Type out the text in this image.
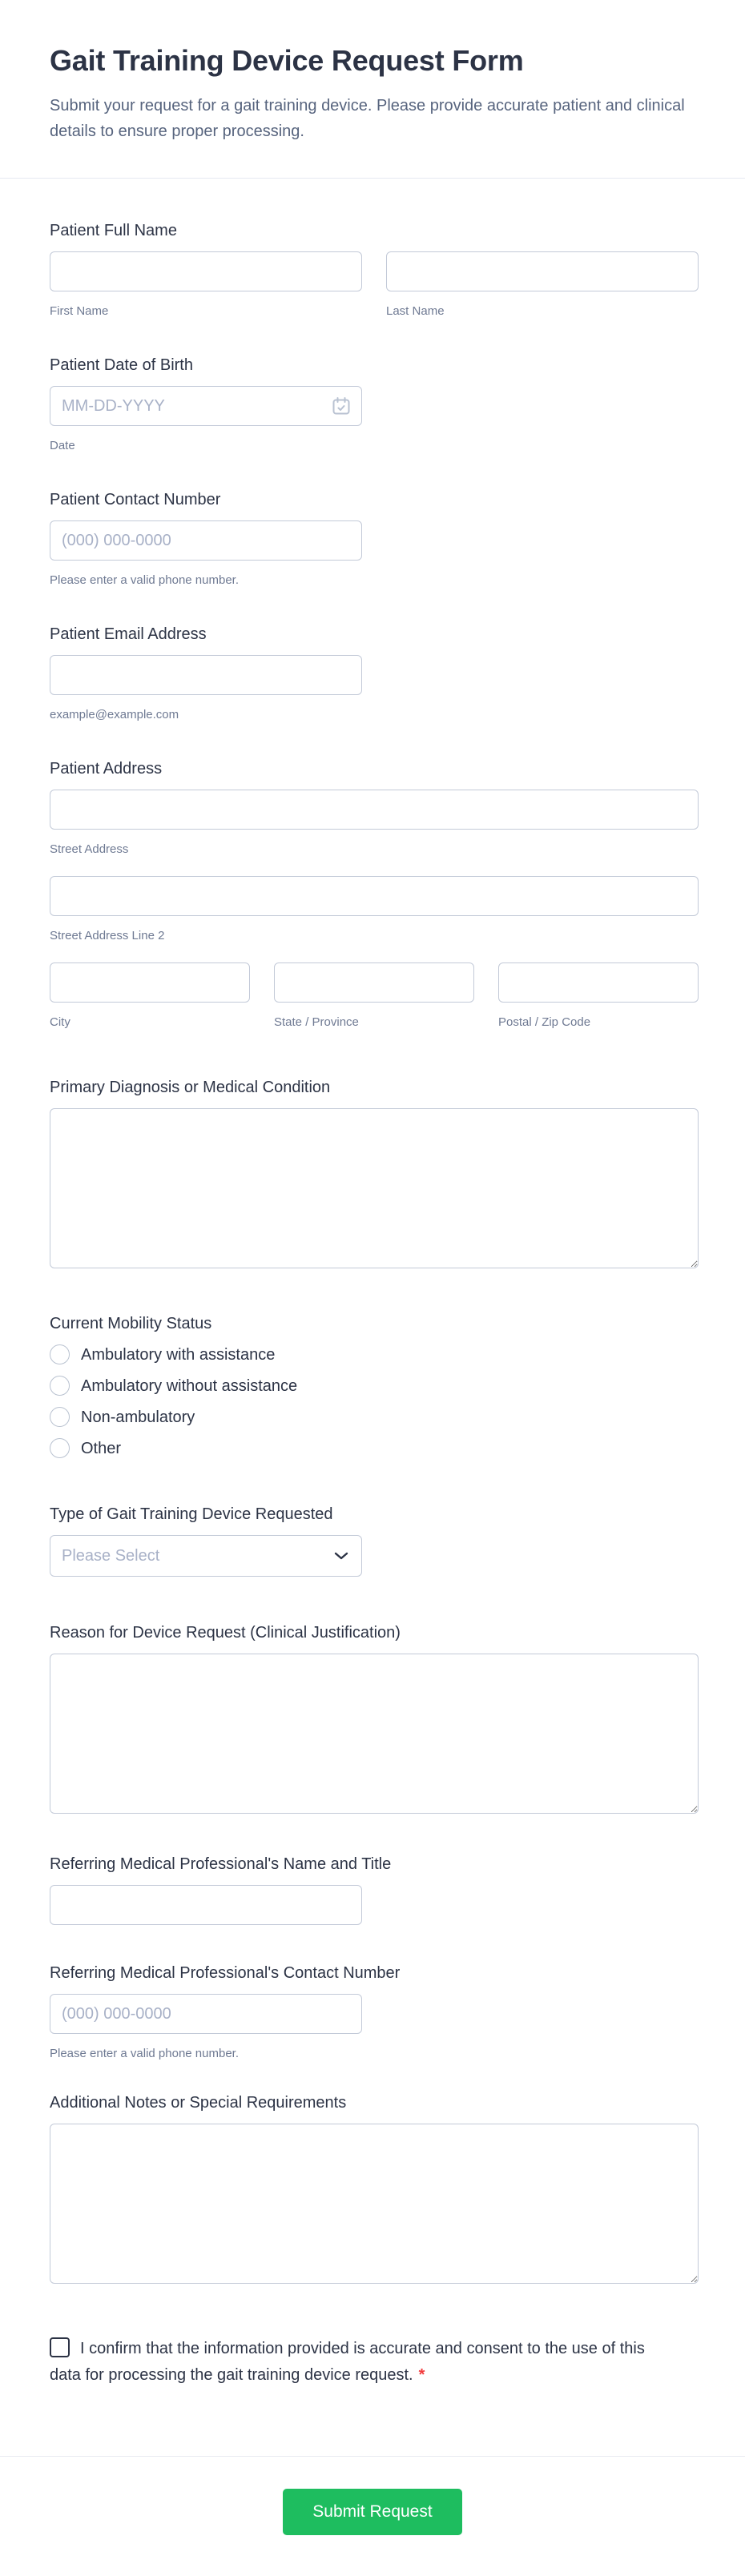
Gait Training Device Request Form

Submit your request for a gait training device. Please provide accurate patient and clinical details to ensure proper processing.

Patient Full Name
First Name	Last Name
Patient Date of Birth
MM-DD-YYYY
Date
Patient Contact Number
(000) 000-0000
Please enter a valid phone number.
Patient Email Address
example@example.com
Patient Address
Street Address
Street Address Line 2
City	State / Province	Postal / Zip Code
Primary Diagnosis or Medical Condition
Current Mobility Status
Ambulatory with assistance
Ambulatory without assistance
Non-ambulatory
Other
Type of Gait Training Device Requested
Please Select
Reason for Device Request (Clinical Justification)
Referring Medical Professional's Name and Title
Referring Medical Professional's Contact Number
(000) 000-0000
Please enter a valid phone number.
Additional Notes or Special Requirements
I confirm that the information provided is accurate and consent to the use of this data for processing the gait training device request. *
Submit Request
